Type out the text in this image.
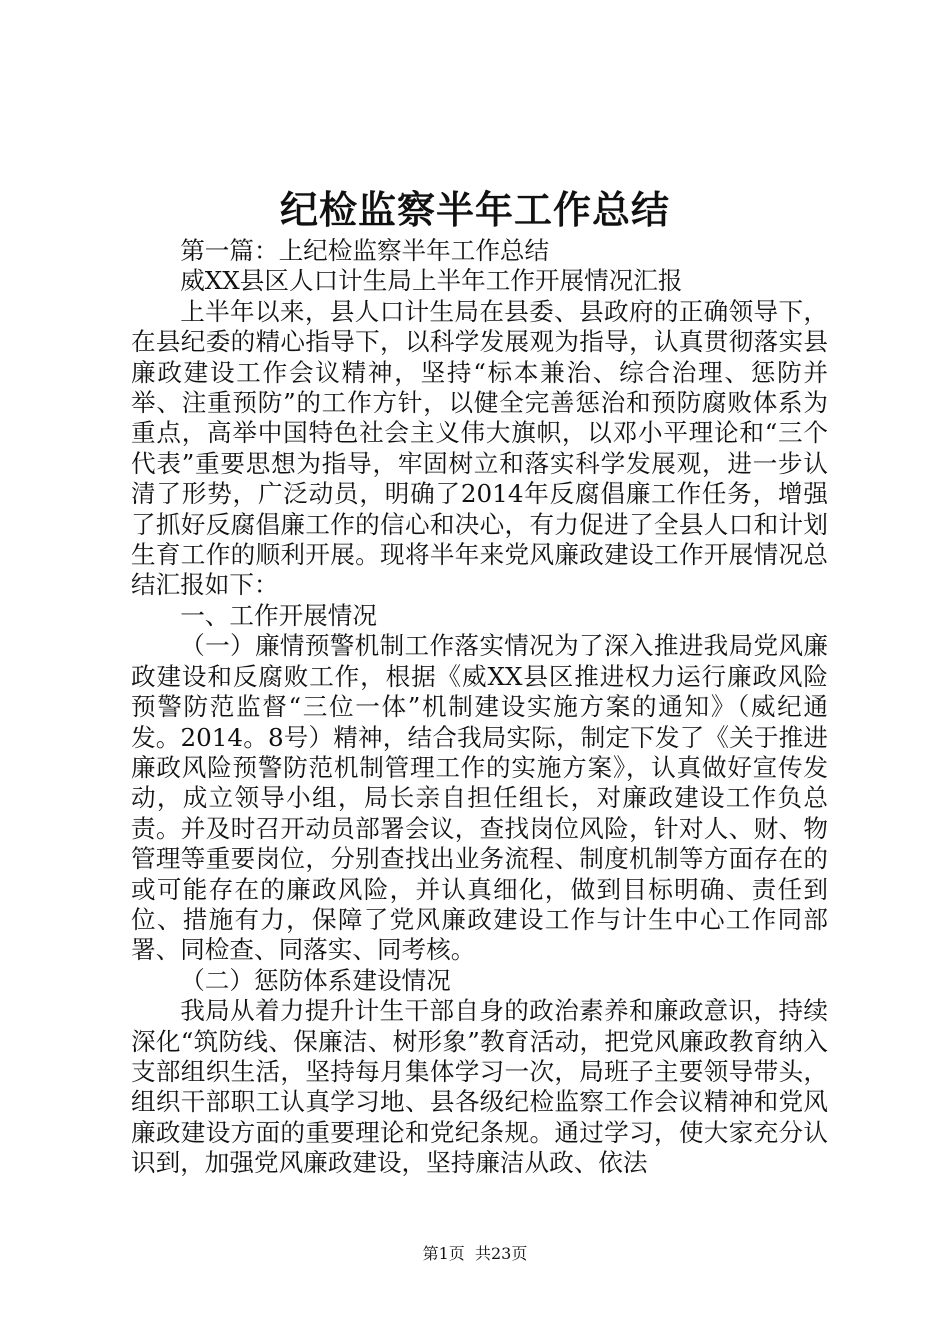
纪检监察半年工作总结

第一篇：上纪检监察半年工作总结

威XX县区人口计生局上半年工作开展情况汇报

上半年以来，县人口计生局在县委、县政府的正确领导下，在县纪委的精心指导下，以科学发展观为指导，认真贯彻落实县廉政建设工作会议精神，坚持“标本兼治、综合治理、惩防并举、注重预防”的工作方针，以健全完善惩治和预防腐败体系为重点，高举中国特色社会主义伟大旗帜，以邓小平理论和“三个代表”重要思想为指导，牢固树立和落实科学发展观，进一步认清了形势，广泛动员，明确了2014年反腐倡廉工作任务，增强了抓好反腐倡廉工作的信心和决心，有力促进了全县人口和计划生育工作的顺利开展。现将半年来党风廉政建设工作开展情况总结汇报如下：

一、工作开展情况

（一）廉情预警机制工作落实情况为了深入推进我局党风廉政建设和反腐败工作，根据《威XX县区推进权力运行廉政风险预警防范监督“三位一体”机制建设实施方案的通知》（威纪通发。2014。8号）精神，结合我局实际，制定下发了《关于推进廉政风险预警防范机制管理工作的实施方案》，认真做好宣传发动，成立领导小组，局长亲自担任组长，对廉政建设工作负总责。并及时召开动员部署会议，查找岗位风险，针对人、财、物管理等重要岗位，分别查找出业务流程、制度机制等方面存在的或可能存在的廉政风险，并认真细化，做到目标明确、责任到位、措施有力，保障了党风廉政建设工作与计生中心工作同部署、同检查、同落实、同考核。

（二）惩防体系建设情况

我局从着力提升计生干部自身的政治素养和廉政意识，持续深化“筑防线、保廉洁、树形象”教育活动，把党风廉政教育纳入支部组织生活，坚持每月集体学习一次，局班子主要领导带头，组织干部职工认真学习地、县各级纪检监察工作会议精神和党风廉政建设方面的重要理论和党纪条规。通过学习，使大家充分认识到，加强党风廉政建设，坚持廉洁从政、依法

第1页 共23页
